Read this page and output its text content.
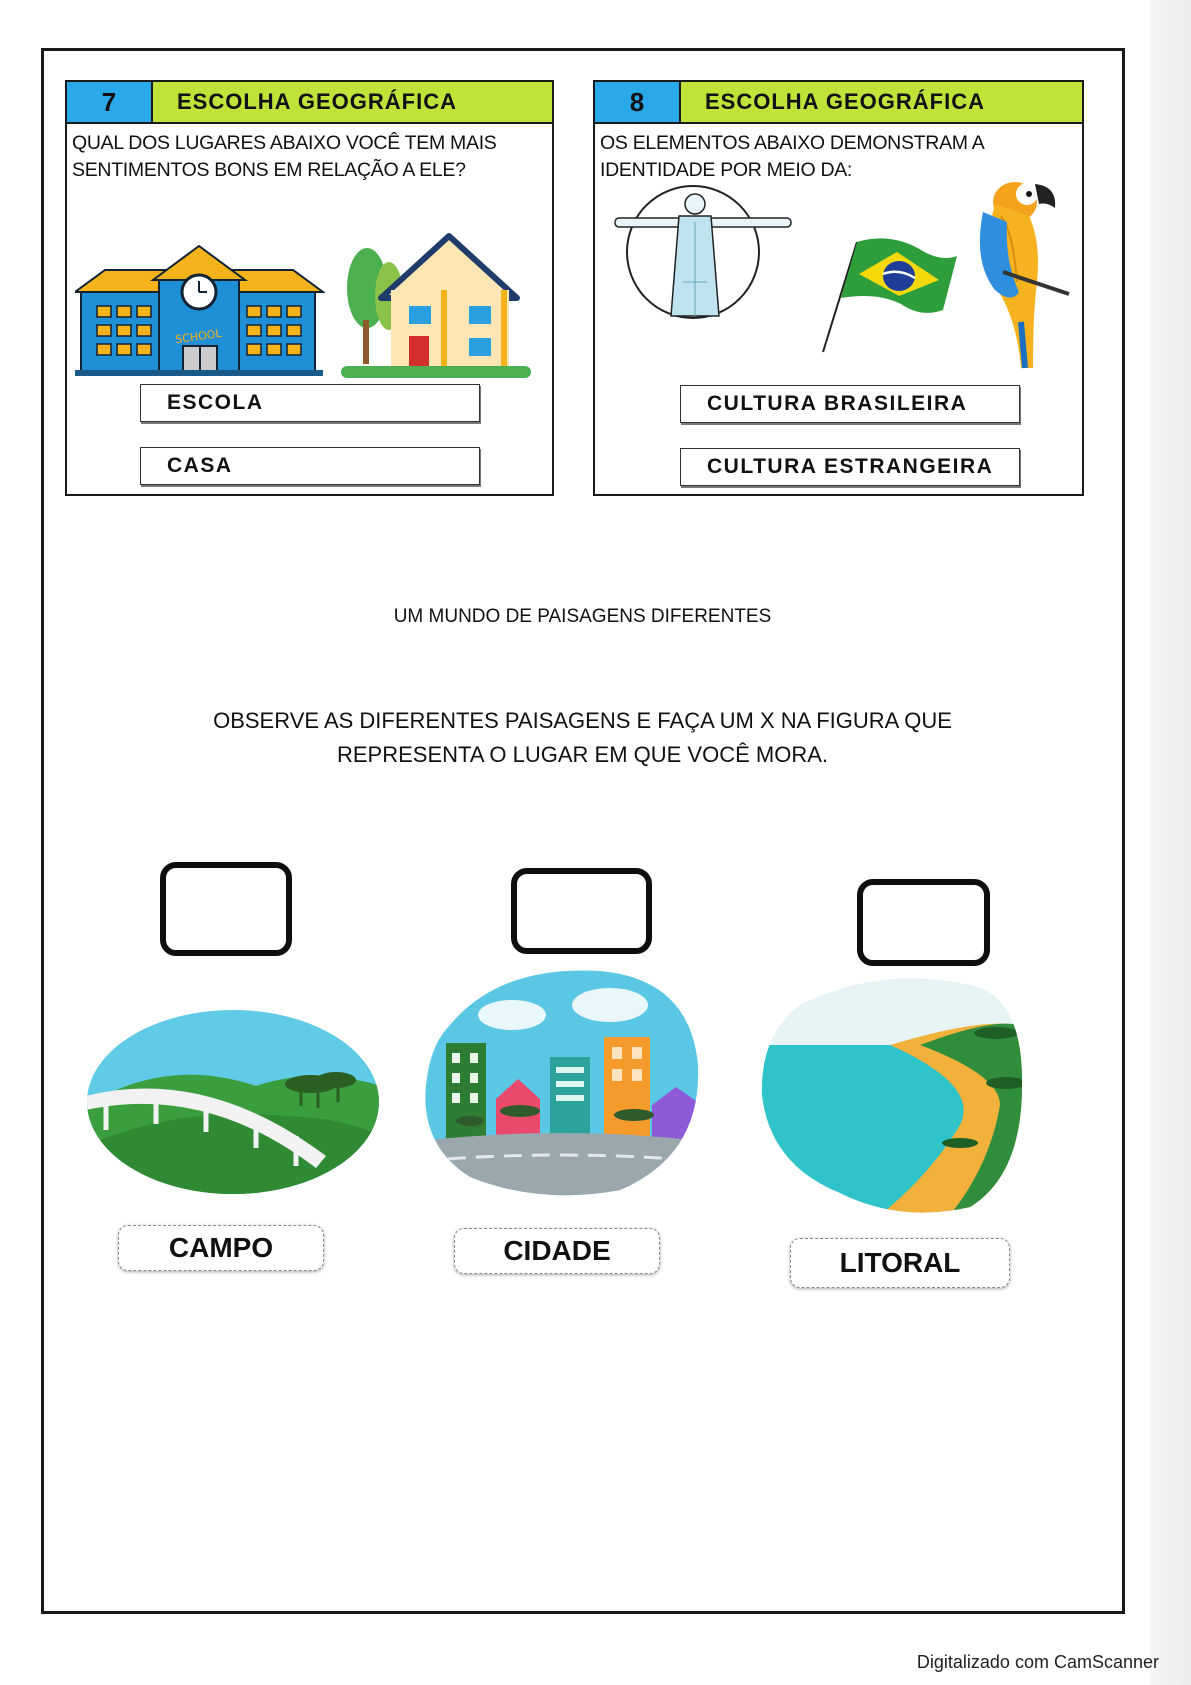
7	ESCOLHA GEOGRÁFICA
QUAL DOS LUGARES ABAIXO VOCÊ TEM MAIS SENTIMENTOS BONS EM RELAÇÃO A ELE?
SCHOOL
ESCOLA
CASA
8	ESCOLHA GEOGRÁFICA
OS ELEMENTOS ABAIXO DEMONSTRAM A IDENTIDADE POR MEIO DA:
CULTURA BRASILEIRA
CULTURA ESTRANGEIRA
UM MUNDO DE PAISAGENS DIFERENTES
OBSERVE AS DIFERENTES PAISAGENS E FAÇA UM X NA FIGURA QUE
REPRESENTA O LUGAR EM QUE VOCÊ MORA.
CAMPO	CIDADE	LITORAL
Digitalizado com CamScanner
